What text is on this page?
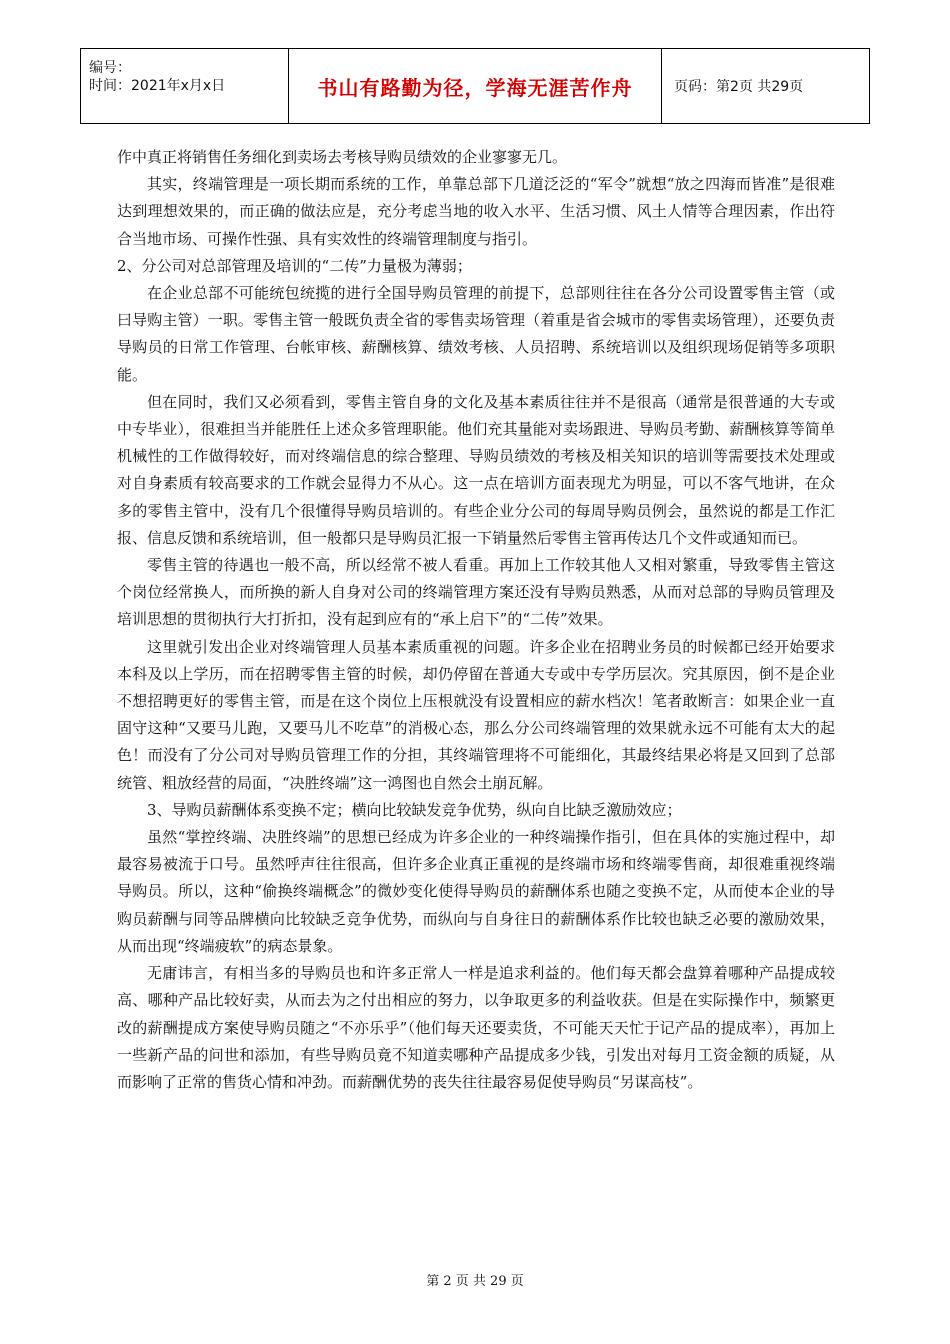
编号：
时间：2021年x月x日	书山有路勤为径，学海无涯苦作舟	页码：第2页 共29页

作中真正将销售任务细化到卖场去考核导购员绩效的企业寥寥无几。

其实，终端管理是一项长期而系统的工作，单靠总部下几道泛泛的“军令”就想“放之四海而皆准”是很难达到理想效果的，而正确的做法应是，充分考虑当地的收入水平、生活习惯、风土人情等合理因素，作出符合当地市场、可操作性强、具有实效性的终端管理制度与指引。

2、分公司对总部管理及培训的“二传”力量极为薄弱；

在企业总部不可能统包统揽的进行全国导购员管理的前提下，总部则往往在各分公司设置零售主管（或曰导购主管）一职。零售主管一般既负责全省的零售卖场管理（着重是省会城市的零售卖场管理），还要负责导购员的日常工作管理、台帐审核、薪酬核算、绩效考核、人员招聘、系统培训以及组织现场促销等多项职能。

但在同时，我们又必须看到，零售主管自身的文化及基本素质往往并不是很高（通常是很普通的大专或中专毕业），很难担当并能胜任上述众多管理职能。他们充其量能对卖场跟进、导购员考勤、薪酬核算等简单机械性的工作做得较好，而对终端信息的综合整理、导购员绩效的考核及相关知识的培训等需要技术处理或对自身素质有较高要求的工作就会显得力不从心。这一点在培训方面表现尤为明显，可以不客气地讲，在众多的零售主管中，没有几个很懂得导购员培训的。有些企业分公司的每周导购员例会，虽然说的都是工作汇报、信息反馈和系统培训，但一般都只是导购员汇报一下销量然后零售主管再传达几个文件或通知而已。

零售主管的待遇也一般不高，所以经常不被人看重。再加上工作较其他人又相对繁重，导致零售主管这个岗位经常换人，而所换的新人自身对公司的终端管理方案还没有导购员熟悉，从而对总部的导购员管理及培训思想的贯彻执行大打折扣，没有起到应有的“承上启下”的“二传”效果。

这里就引发出企业对终端管理人员基本素质重视的问题。许多企业在招聘业务员的时候都已经开始要求本科及以上学历，而在招聘零售主管的时候，却仍停留在普通大专或中专学历层次。究其原因，倒不是企业不想招聘更好的零售主管，而是在这个岗位上压根就没有设置相应的薪水档次！笔者敢断言：如果企业一直固守这种“又要马儿跑，又要马儿不吃草”的消极心态，那么分公司终端管理的效果就永远不可能有太大的起色！而没有了分公司对导购员管理工作的分担，其终端管理将不可能细化，其最终结果必将是又回到了总部统管、粗放经营的局面，“决胜终端”这一鸿图也自然会土崩瓦解。

3、导购员薪酬体系变换不定；横向比较缺发竞争优势，纵向自比缺乏激励效应；

虽然“掌控终端、决胜终端”的思想已经成为许多企业的一种终端操作指引，但在具体的实施过程中，却最容易被流于口号。虽然呼声往往很高，但许多企业真正重视的是终端市场和终端零售商，却很难重视终端导购员。所以，这种“偷换终端概念”的微妙变化使得导购员的薪酬体系也随之变换不定，从而使本企业的导购员薪酬与同等品牌横向比较缺乏竞争优势，而纵向与自身往日的薪酬体系作比较也缺乏必要的激励效果，从而出现“终端疲软”的病态景象。

无庸讳言，有相当多的导购员也和许多正常人一样是追求利益的。他们每天都会盘算着哪种产品提成较高、哪种产品比较好卖，从而去为之付出相应的努力，以争取更多的利益收获。但是在实际操作中，频繁更改的薪酬提成方案使导购员随之“不亦乐乎”（他们每天还要卖货，不可能天天忙于记产品的提成率），再加上一些新产品的问世和添加，有些导购员竟不知道卖哪种产品提成多少钱，引发出对每月工资金额的质疑，从而影响了正常的售货心情和冲劲。而薪酬优势的丧失往往最容易促使导购员“另谋高枝”。

第 2 页 共 29 页
